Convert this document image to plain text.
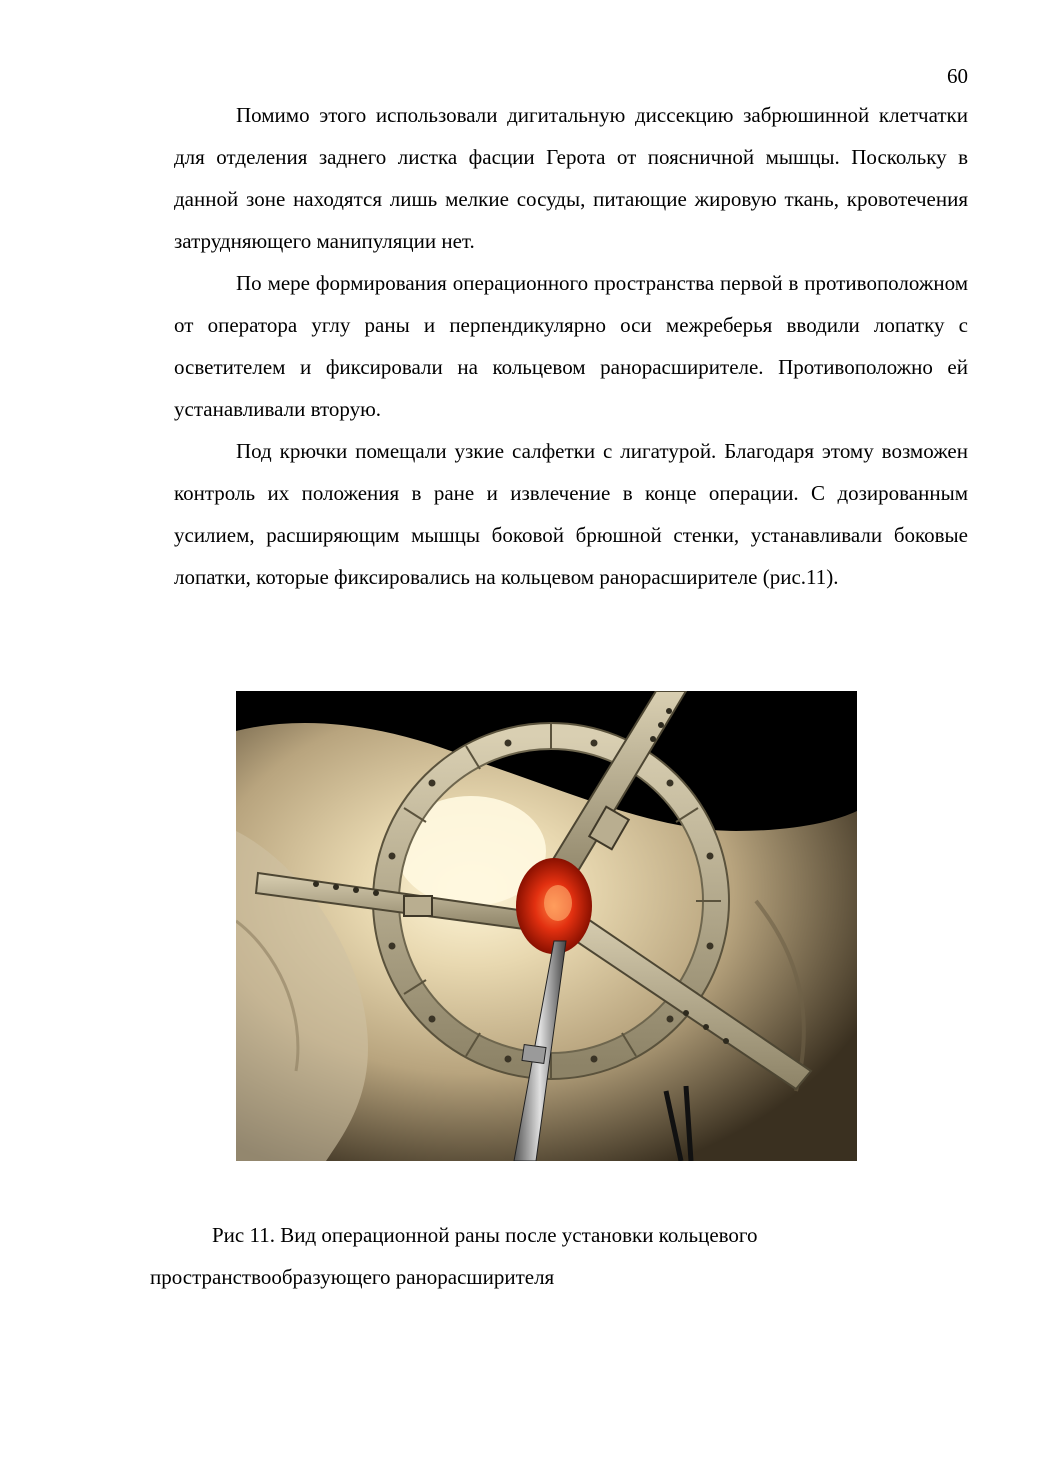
60

Помимо этого использовали дигитальную диссекцию забрюшинной клетчатки для отделения заднего листка фасции Герота от поясничной мышцы. Поскольку в данной зоне находятся лишь мелкие сосуды, питающие жировую ткань, кровотечения затрудняющего манипуляции нет.

По мере формирования операционного пространства первой в противоположном от оператора углу раны и перпендикулярно оси межреберья вводили лопатку с осветителем и фиксировали на кольцевом ранорасширителе. Противоположно ей устанавливали вторую.

Под крючки помещали узкие салфетки с лигатурой. Благодаря этому возможен контроль их положения в ране и извлечение в конце операции. С дозированным усилием, расширяющим мышцы боковой брюшной стенки, устанавливали боковые лопатки, которые фиксировались на кольцевом ранорасширителе (рис.11).

Рис 11. Вид операционной раны после установки кольцевого
пространствообразующего ранорасширителя
